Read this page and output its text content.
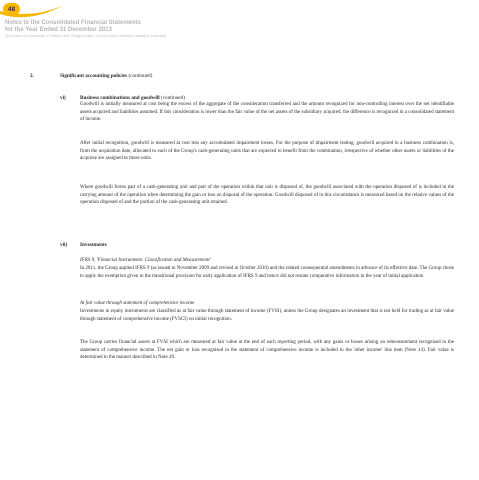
48
Notes to the Consolidated Financial Statements
for the Year Ended 31 December 2013
(Expressed in thousands of Trinidad and Tobago Dollars, except where otherwise stated) (Continued)
2.	Significant accounting policies (continued)
vi)	Business combinations and goodwill (continued)

Goodwill is initially measured at cost being the excess of the aggregate of the consideration transferred and the amount recognized for non-controlling interest over the net identifiable assets acquired and liabilities assumed. If this consideration is lower than the fair value of the net assets of the subsidiary acquired, the difference is recognized in a consolidated statement of income.

After initial recognition, goodwill is measured at cost less any accumulated impairment losses. For the purpose of impairment testing, goodwill acquired in a business combination is, from the acquisition date, allocated to each of the Group's cash-generating units that are expected to benefit from the combination, irrespective of whether other assets or liabilities of the acquiree are assigned to those units.

Where goodwill forms part of a cash-generating unit and part of the operation within that unit is disposed of, the goodwill associated with the operation disposed of is included in the carrying amount of the operation when determining the gain or loss on disposal of the operation. Goodwill disposed of in this circumstance is measured based on the relative values of the operation disposed of and the portion of the cash-generating unit retained.

vii) Investments

IFRS 9, 'Financial Instruments: Classification and Measurement'

In 2011, the Group applied IFRS 9 (as issued in November 2009 and revised in October 2010) and the related consequential amendments in advance of its effective date. The Group chose to apply the exemption given in the transitional provision for early application of IFRS 9 and hence did not restate comparative information in the year of initial application

At fair value through statement of comprehensive income

Investments in equity instruments are classified as at fair value through statement of income (FVSI), unless the Group designates an investment that is not held for trading as at fair value through statement of comprehensive income (FVSCI) on initial recognition.

The Group carries financial assets at FVSI which are measured at fair value at the end of each reporting period, with any gains or losses arising on remeasurement recognised in the statement of comprehensive income. The net gain or loss recognised in the statement of comprehensive income is included in the 'other income' line item (Note 14). Fair value is determined in the manner described in Note 20.
